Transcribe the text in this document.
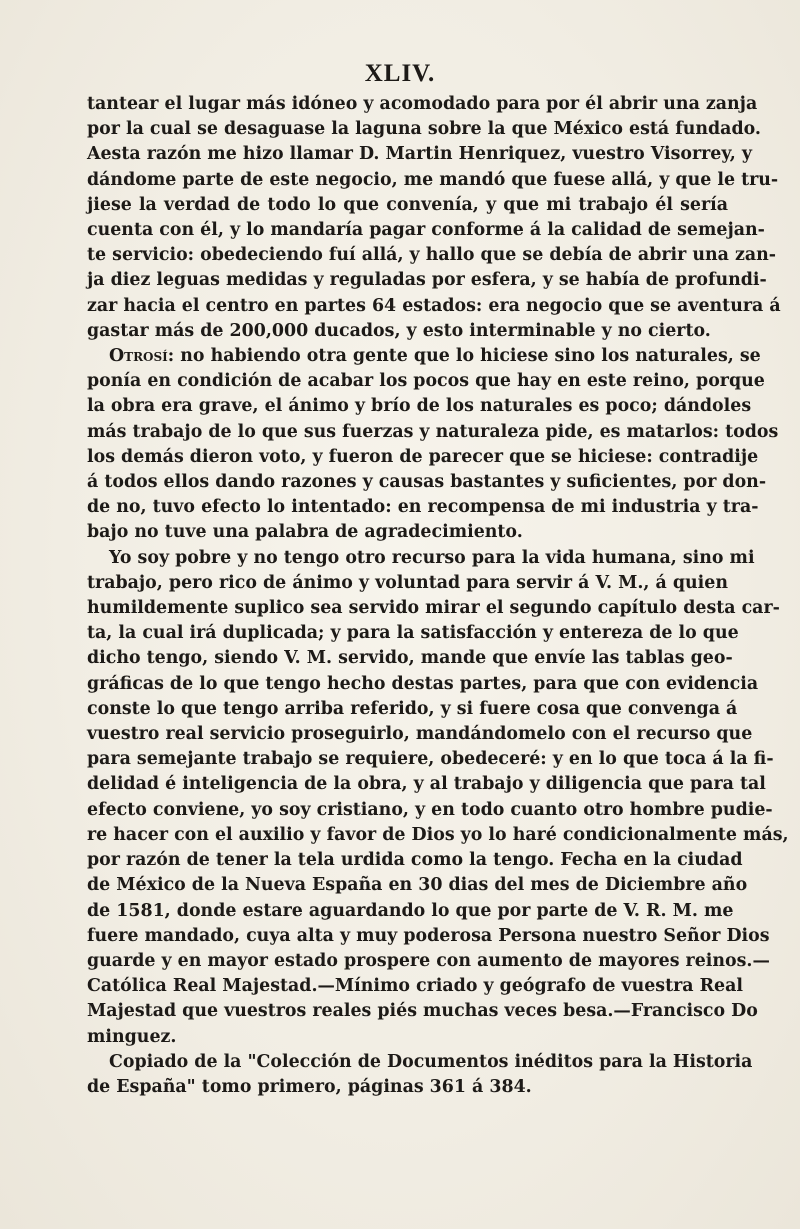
XLIV.

tantear el lugar más idóneo y acomodado para por él abrir una zanja
por la cual se desaguase la laguna sobre la que México está fundado.
Aesta razón me hizo llamar D. Martin Henriquez, vuestro Visorrey, y
dándome parte de este negocio, me mandó que fuese allá, y que le tru-
jiese la verdad de todo lo que convenía, y que mi trabajo él sería
cuenta con él, y lo mandaría pagar conforme á la calidad de semejan-
te servicio: obedeciendo fuí allá, y hallo que se debía de abrir una zan-
ja diez leguas medidas y reguladas por esfera, y se había de profundi-
zar hacia el centro en partes 64 estados: era negocio que se aventura á
gastar más de 200,000 ducados, y esto interminable y no cierto.

Otrosí: no habiendo otra gente que lo hiciese sino los naturales, se
ponía en condición de acabar los pocos que hay en este reino, porque
la obra era grave, el ánimo y brío de los naturales es poco; dándoles
más trabajo de lo que sus fuerzas y naturaleza pide, es matarlos: todos
los demás dieron voto, y fueron de parecer que se hiciese: contradije
á todos ellos dando razones y causas bastantes y suficientes, por don-
de no, tuvo efecto lo intentado: en recompensa de mi industria y tra-
bajo no tuve una palabra de agradecimiento.

Yo soy pobre y no tengo otro recurso para la vida humana, sino mi
trabajo, pero rico de ánimo y voluntad para servir á V. M., á quien
humildemente suplico sea servido mirar el segundo capítulo desta car-
ta, la cual irá duplicada; y para la satisfacción y entereza de lo que
dicho tengo, siendo V. M. servido, mande que envíe las tablas geo-
gráficas de lo que tengo hecho destas partes, para que con evidencia
conste lo que tengo arriba referido, y si fuere cosa que convenga á
vuestro real servicio proseguirlo, mandándomelo con el recurso que
para semejante trabajo se requiere, obedeceré: y en lo que toca á la fi-
delidad é inteligencia de la obra, y al trabajo y diligencia que para tal
efecto conviene, yo soy cristiano, y en todo cuanto otro hombre pudie-
re hacer con el auxilio y favor de Dios yo lo haré condicionalmente más,
por razón de tener la tela urdida como la tengo. Fecha en la ciudad
de México de la Nueva España en 30 dias del mes de Diciembre año
de 1581, donde estare aguardando lo que por parte de V. R. M. me
fuere mandado, cuya alta y muy poderosa Persona nuestro Señor Dios
guarde y en mayor estado prospere con aumento de mayores reinos.—
Católica Real Majestad.—Mínimo criado y geógrafo de vuestra Real
Majestad que vuestros reales piés muchas veces besa.—Francisco Do
minguez.

Copiado de la "Colección de Documentos inéditos para la Historia
de España" tomo primero, páginas 361 á 384.
